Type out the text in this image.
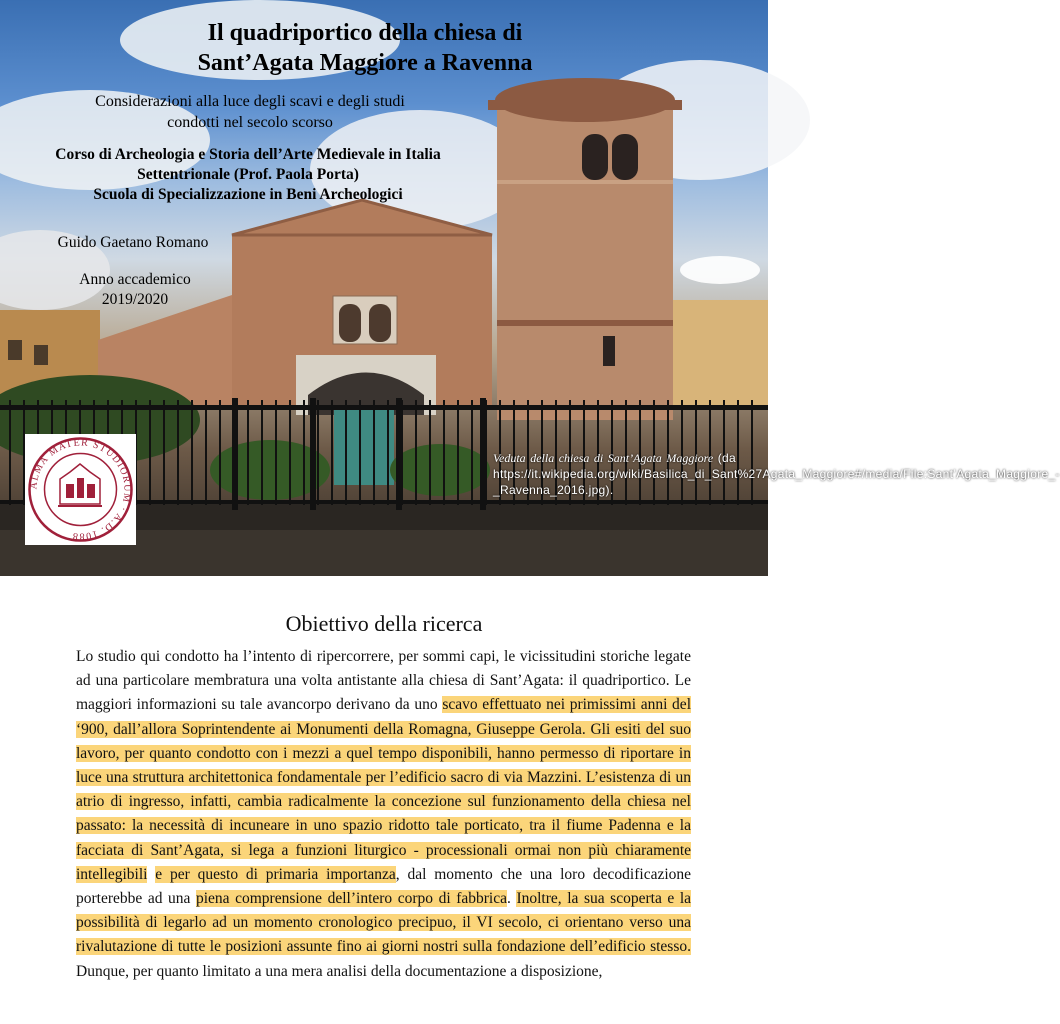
Il quadriportico della chiesa di
Sant’Agata Maggiore a Ravenna
Considerazioni alla luce degli scavi e degli studi
condotti nel secolo scorso
Corso di Archeologia e Storia dell’Arte Medievale in Italia
Settentrionale (Prof. Paola Porta)
Scuola di Specializzazione in Beni Archeologici
Guido Gaetano Romano
Anno accademico
2019/2020
ALMA MATER STUDIORUM · A.D. 1088
Veduta della chiesa di Sant’Agata Maggiore (da https://it.wikipedia.org/wiki/Basilica_di_Sant%27Agata_Maggiore#/media/File:Sant’Agata_Maggiore_-_Ravenna_2016.jpg).
Obiettivo della ricerca
Lo studio qui condotto ha l’intento di ripercorrere, per sommi capi, le vicissitudini storiche legate ad una particolare membratura una volta antistante alla chiesa di Sant’Agata: il quadriportico. Le maggiori informazioni su tale avancorpo derivano da uno scavo effettuato nei primissimi anni del ‘900, dall’allora Soprintendente ai Monumenti della Romagna, Giuseppe Gerola. Gli esiti del suo lavoro, per quanto condotto con i mezzi a quel tempo disponibili, hanno permesso di riportare in luce una struttura architettonica fondamentale per l’edificio sacro di via Mazzini. L’esistenza di un atrio di ingresso, infatti, cambia radicalmente la concezione sul funzionamento della chiesa nel passato: la necessità di incuneare in uno spazio ridotto tale porticato, tra il fiume Padenna e la facciata di Sant’Agata, si lega a funzioni liturgico - processionali ormai non più chiaramente intellegibili e per questo di primaria importanza, dal momento che una loro decodificazione porterebbe ad una piena comprensione dell’intero corpo di fabbrica. Inoltre, la sua scoperta e la possibilità di legarlo ad un momento cronologico precipuo, il VI secolo, ci orientano verso una rivalutazione di tutte le posizioni assunte fino ai giorni nostri sulla fondazione dell’edificio stesso. Dunque, per quanto limitato a una mera analisi della documentazione a disposizione,
